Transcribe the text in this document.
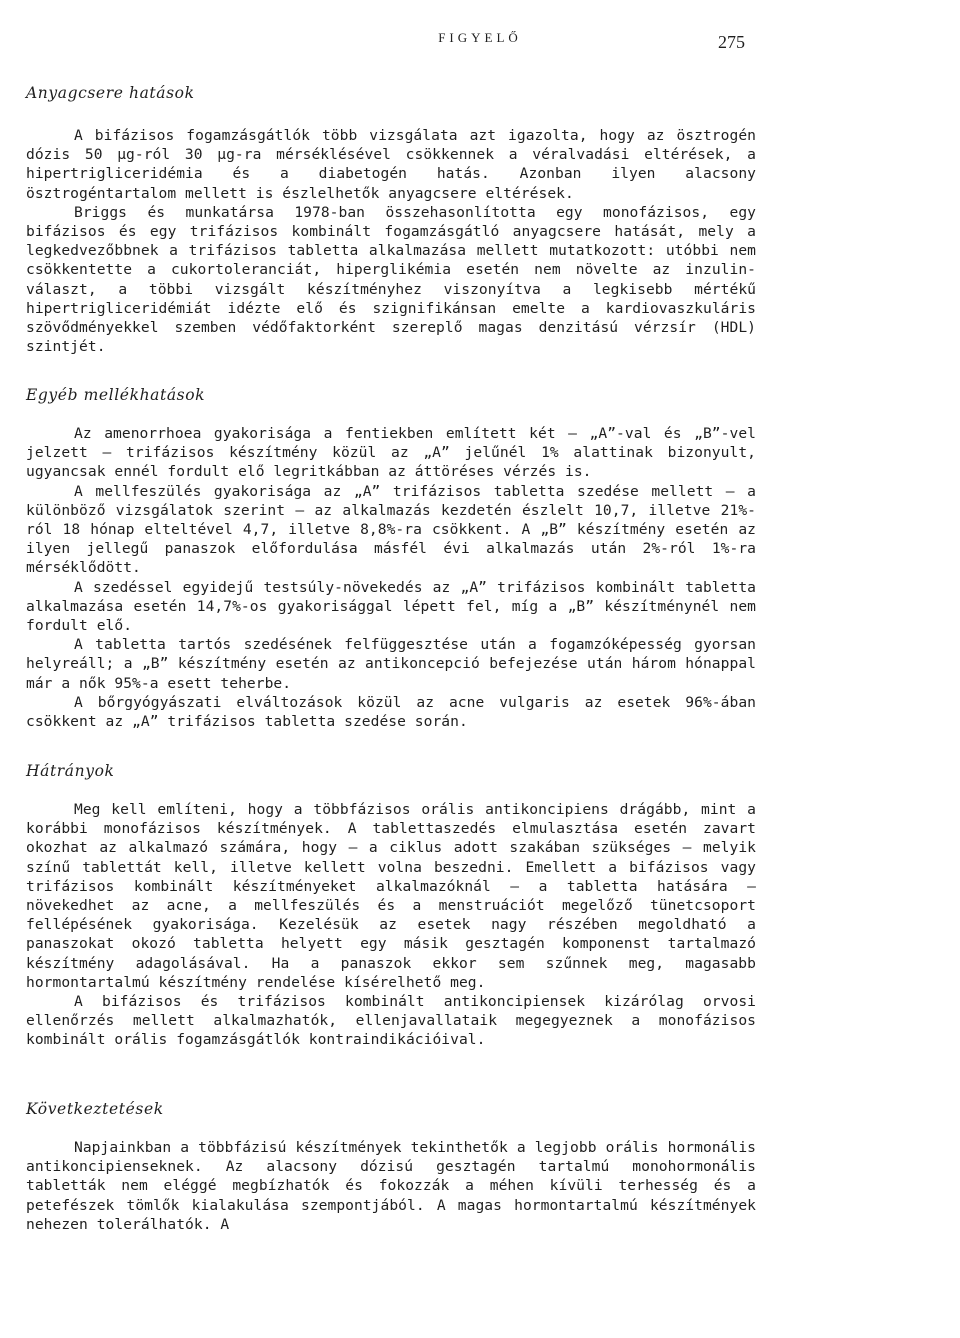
FIGYELŐ	275

Anyagcsere hatások

A bifázisos fogamzásgátlók több vizsgálata azt igazolta, hogy az ösztrogén dózis 50 µg-ról 30 µg-ra mérséklésével csökkennek a véralvadási eltérések, a hipertrigliceridémia és a diabetogén hatás. Azonban ilyen alacsony ösztrogéntartalom mellett is észlelhetők anyagcsere eltérések.

Briggs és munkatársa 1978-ban összehasonlította egy monofázisos, egy bifázisos és egy trifázisos kombinált fogamzásgátló anyagcsere hatását, mely a legkedvezőbbnek a trifázisos tabletta alkalmazása mellett mutatkozott: utóbbi nem csökkentette a cukortoleranciát, hiperglikémia esetén nem növelte az inzulin-választ, a többi vizsgált készítményhez viszonyítva a legkisebb mértékű hipertrigliceridémiát idézte elő és szignifikánsan emelte a kardiovaszkuláris szövődményekkel szemben védőfaktorként szereplő magas denzitású vérzsír (HDL) szintjét.

Egyéb mellékhatások

Az amenorrhoea gyakorisága a fentiekben említett két — „A”-val és „B”-vel jelzett — trifázisos készítmény közül az „A” jelűnél 1% alattinak bizonyult, ugyancsak ennél fordult elő legritkábban az áttöréses vérzés is.

A mellfeszülés gyakorisága az „A” trifázisos tabletta szedése mellett — a különböző vizsgálatok szerint — az alkalmazás kezdetén észlelt 10,7, illetve 21%-ról 18 hónap elteltével 4,7, illetve 8,8%-ra csökkent. A „B” készítmény esetén az ilyen jellegű panaszok előfordulása másfél évi alkalmazás után 2%-ról 1%-ra mérséklődött.

A szedéssel egyidejű testsúly-növekedés az „A” trifázisos kombinált tabletta alkalmazása esetén 14,7%-os gyakorisággal lépett fel, míg a „B” készítménynél nem fordult elő.

A tabletta tartós szedésének felfüggesztése után a fogamzóképesség gyorsan helyreáll; a „B” készítmény esetén az antikoncepció befejezése után három hónappal már a nők 95%-a esett teherbe.

A bőrgyógyászati elváltozások közül az acne vulgaris az esetek 96%-ában csökkent az „A” trifázisos tabletta szedése során.

Hátrányok

Meg kell említeni, hogy a többfázisos orális antikoncipiens drágább, mint a korábbi monofázisos készítmények. A tablettaszedés elmulasztása esetén zavart okozhat az alkalmazó számára, hogy — a ciklus adott szakában szükséges — melyik színű tablettát kell, illetve kellett volna beszedni. Emellett a bifázisos vagy trifázisos kombinált készítményeket alkalmazóknál — a tabletta hatására — növekedhet az acne, a mellfeszülés és a menstruációt megelőző tünetcsoport fellépésének gyakorisága. Kezelésük az esetek nagy részében megoldható a panaszokat okozó tabletta helyett egy másik gesztagén komponenst tartalmazó készítmény adagolásával. Ha a panaszok ekkor sem szűnnek meg, magasabb hormontartalmú készítmény rendelése kísérelhető meg.

A bifázisos és trifázisos kombinált antikoncipiensek kizárólag orvosi ellenőrzés mellett alkalmazhatók, ellenjavallataik megegyeznek a monofázisos kombinált orális fogamzásgátlók kontraindikációival.

Következtetések

Napjainkban a többfázisú készítmények tekinthetők a legjobb orális hormonális antikoncipienseknek. Az alacsony dózisú gesztagén tartalmú monohormonális tabletták nem eléggé megbízhatók és fokozzák a méhen kívüli terhesség és a petefészek tömlők kialakulása szempontjából. A magas hormontartalmú készítmények nehezen tolerálhatók. A
